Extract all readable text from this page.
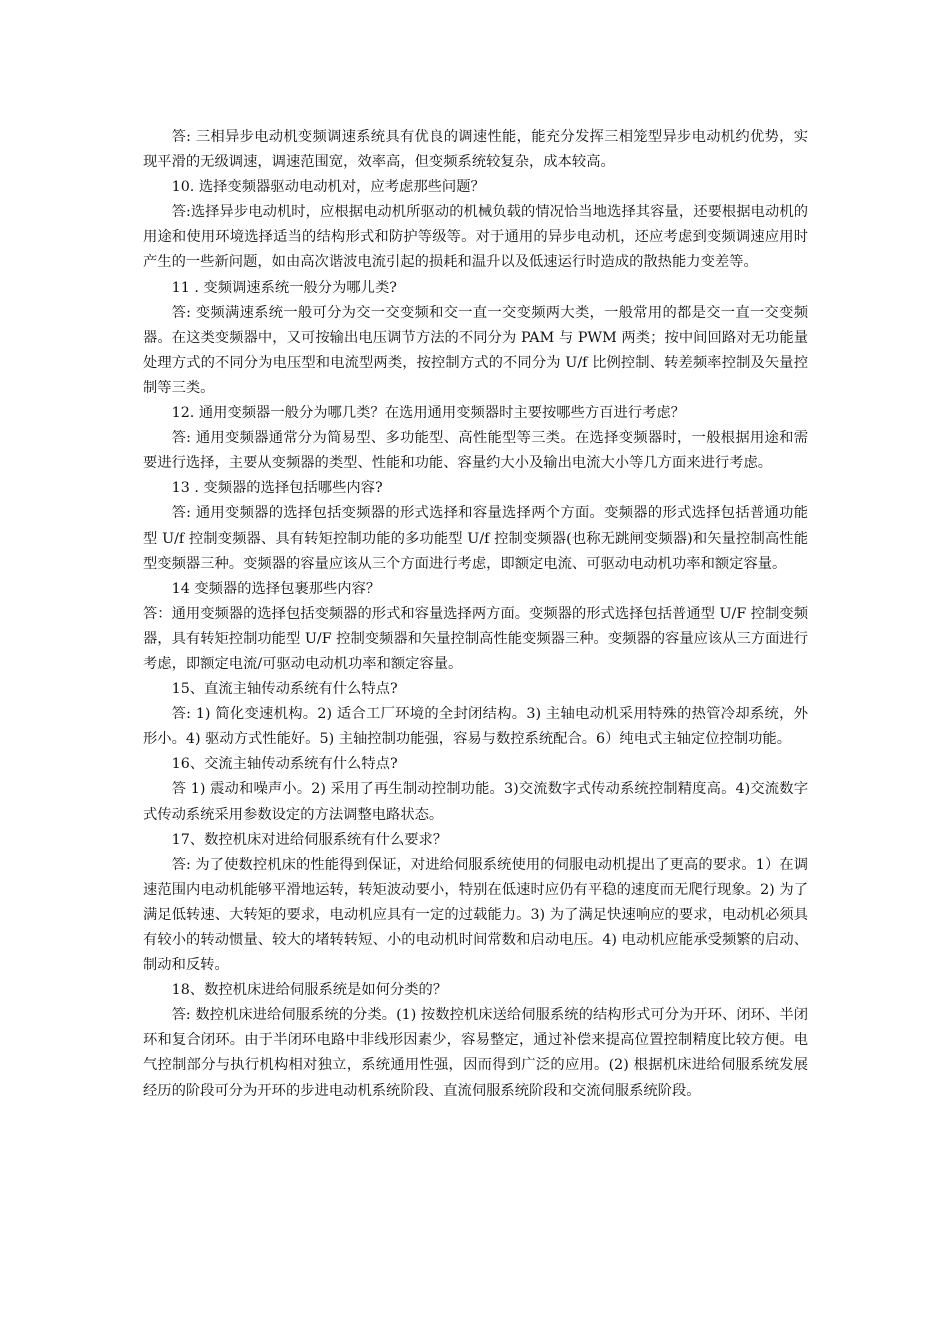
答: 三相异步电动机变频调速系统具有优良的调速性能，能充分发挥三相笼型异步电动机约优势，实现平滑的无级调速，调速范围宽，效率高，但变频系统较复杂，成本较高。

10. 选择变频器驱动电动机对，应考虑那些问题？

答:选择异步电动机时，应根据电动机所驱动的机械负载的情况恰当地选择其容量，还要根据电动机的用途和使用环境选择适当的结构形式和防护等级等。对于通用的异步电动机，还应考虑到变频调速应用时产生的一些新问题，如由高次谐波电流引起的损耗和温升以及低速运行时造成的散热能力变差等。

11 . 变频调速系统一般分为哪儿类?

答: 变频满速系统一般可分为交一交变频和交一直一交变频两大类，一般常用的都是交一直一交变频器。在这类变频器中，又可按输出电压调节方法的不同分为 PAM 与 PWM 两类；按中间回路对无功能量处理方式的不同分为电压型和电流型两类，按控制方式的不同分为 U/f 比例控制、转差频率控制及矢量控制等三类。

12. 通用变频器一般分为哪几类？在选用通用变频器时主要按哪些方百进行考虑？

答: 通用变频器通常分为简易型、多功能型、高性能型等三类。在选择变频器时，一般根据用途和需要进行选择，主要从变频器的类型、性能和功能、容量约大小及输出电流大小等几方面来进行考虑。

13 . 变频器的选择包括哪些内容?

答: 通用变频器的选择包括变频器的形式选择和容量选择两个方面。变频器的形式选择包括普通功能型 U/f 控制变频器、具有转矩控制功能的多功能型 U/f 控制变频器(也称无跳闸变频器)和矢量控制高性能型变频器三种。变频器的容量应该从三个方面进行考虑，即额定电流、可驱动电动机功率和额定容量。

14 变频器的选择包裹那些内容？

答：通用变频器的选择包括变频器的形式和容量选择两方面。变频器的形式选择包括普通型 U/F 控制变频器，具有转矩控制功能型 U/F 控制变频器和矢量控制高性能变频器三种。变频器的容量应该从三方面进行考虑，即额定电流/可驱动电动机功率和额定容量。

15、直流主轴传动系统有什么特点?

答: 1) 简化变速机构。2) 适合工厂环境的全封闭结构。3) 主轴电动机采用特殊的热管冷却系统，外形小。4) 驱动方式性能好。5) 主轴控制功能强，容易与数控系统配合。6）纯电式主轴定位控制功能。

16、交流主轴传动系统有什么特点?

答 1) 震动和噪声小。2) 采用了再生制动控制功能。3)交流数字式传动系统控制精度高。4)交流数字式传动系统采用参数设定的方法调整电路状态。

17、数控机床对进给伺服系统有什么要求？

答: 为了使数控机床的性能得到保证，对进给伺服系统使用的伺服电动机提出了更高的要求。1）在调速范围内电动机能够平滑地运转，转矩波动要小，特别在低速时应仍有平稳的速度而无爬行现象。2) 为了满足低转速、大转矩的要求，电动机应具有一定的过载能力。3) 为了满足快速响应的要求，电动机必须具有较小的转动惯量、较大的堵转转短、小的电动机时间常数和启动电压。4) 电动机应能承受频繁的启动、制动和反转。

18、数控机床进给伺服系统是如何分类的？

答: 数控机床进给伺服系统的分类。(1) 按数控机床送给伺服系统的结构形式可分为开环、闭环、半闭环和复合闭环。由于半闭环电路中非线形因素少，容易整定，通过补偿来提高位置控制精度比较方便。电气控制部分与执行机构相对独立，系统通用性强，因而得到广泛的应用。(2) 根据机床进给伺服系统发展经历的阶段可分为开环的步进电动机系统阶段、直流伺服系统阶段和交流伺服系统阶段。
